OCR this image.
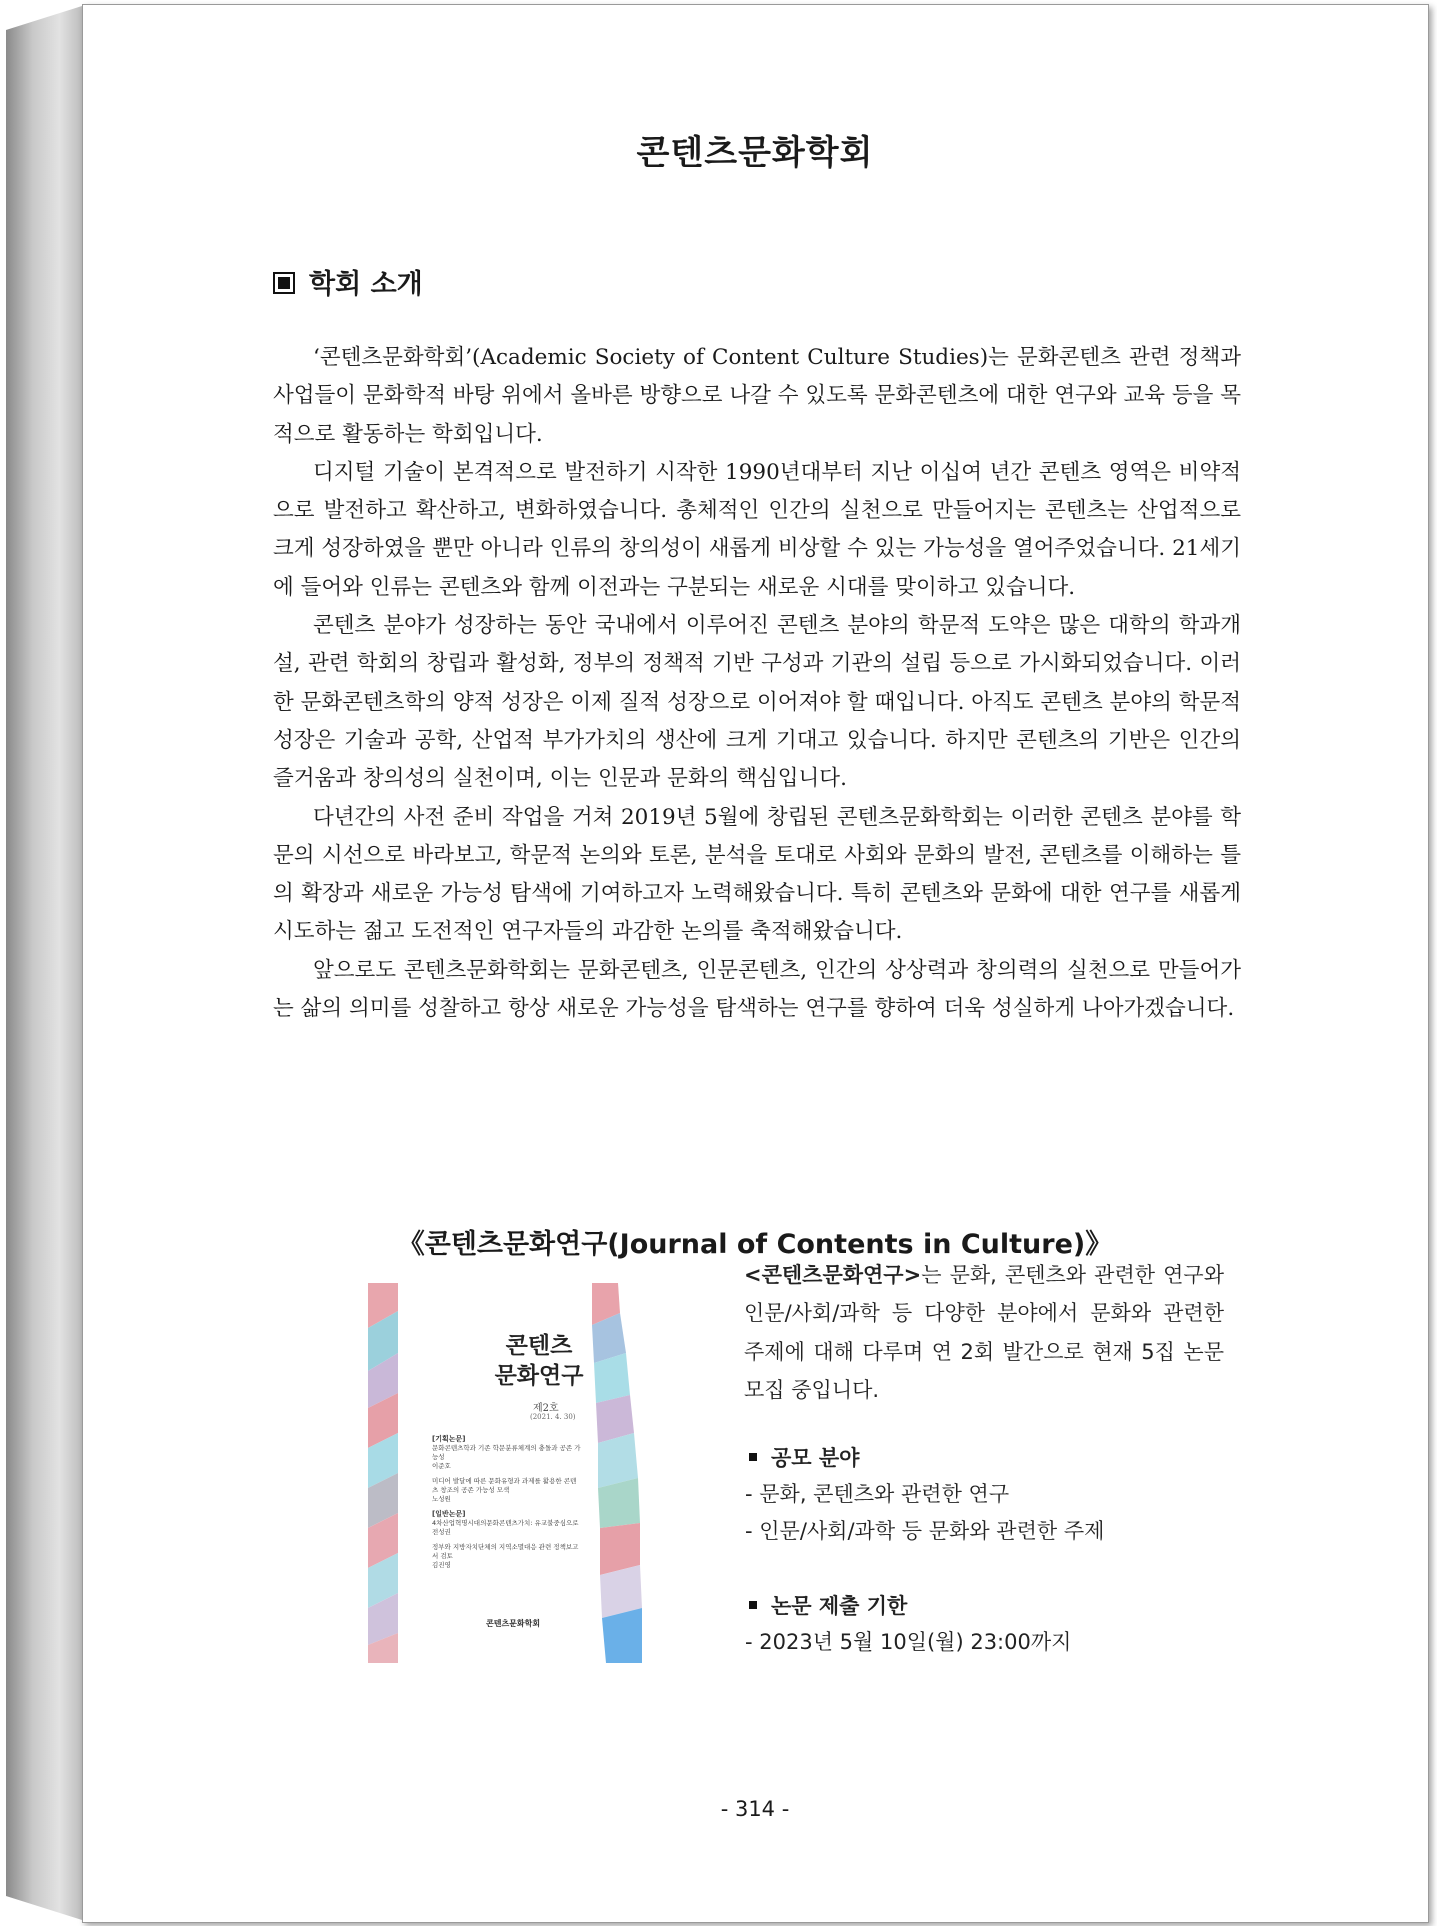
콘텐츠문화학회
학회 소개

‘콘텐츠문화학회’(Academic Society of Content Culture Studies)는 문화콘텐츠 관련 정책과 사업들이 문화학적 바탕 위에서 올바른 방향으로 나갈 수 있도록 문화콘텐츠에 대한 연구와 교육 등을 목적으로 활동하는 학회입니다.

디지털 기술이 본격적으로 발전하기 시작한 1990년대부터 지난 이십여 년간 콘텐츠 영역은 비약적으로 발전하고 확산하고, 변화하였습니다. 총체적인 인간의 실천으로 만들어지는 콘텐츠는 산업적으로 크게 성장하였을 뿐만 아니라 인류의 창의성이 새롭게 비상할 수 있는 가능성을 열어주었습니다. 21세기에 들어와 인류는 콘텐츠와 함께 이전과는 구분되는 새로운 시대를 맞이하고 있습니다.

콘텐츠 분야가 성장하는 동안 국내에서 이루어진 콘텐츠 분야의 학문적 도약은 많은 대학의 학과개설, 관련 학회의 창립과 활성화, 정부의 정책적 기반 구성과 기관의 설립 등으로 가시화되었습니다. 이러한 문화콘텐츠학의 양적 성장은 이제 질적 성장으로 이어져야 할 때입니다. 아직도 콘텐츠 분야의 학문적 성장은 기술과 공학, 산업적 부가가치의 생산에 크게 기대고 있습니다. 하지만 콘텐츠의 기반은 인간의 즐거움과 창의성의 실천이며, 이는 인문과 문화의 핵심입니다.

다년간의 사전 준비 작업을 거쳐 2019년 5월에 창립된 콘텐츠문화학회는 이러한 콘텐츠 분야를 학문의 시선으로 바라보고, 학문적 논의와 토론, 분석을 토대로 사회와 문화의 발전, 콘텐츠를 이해하는 틀의 확장과 새로운 가능성 탐색에 기여하고자 노력해왔습니다. 특히 콘텐츠와 문화에 대한 연구를 새롭게 시도하는 젊고 도전적인 연구자들의 과감한 논의를 축적해왔습니다.

앞으로도 콘텐츠문화학회는 문화콘텐츠, 인문콘텐츠, 인간의 상상력과 창의력의 실천으로 만들어가는 삶의 의미를 성찰하고 항상 새로운 가능성을 탐색하는 연구를 향하여 더욱 성실하게 나아가겠습니다.

《콘텐츠문화연구(Journal of Contents in Culture)》
콘텐츠
문화연구
제2호
(2021. 4. 30)
[기획논문]
문화콘텐츠학과 기존 학문분류체계의 충돌과 공존 가능성
이준호
미디어 발달에 따른 문화유형과 과제를 활용한 콘텐츠 창조의 공존 가능성 모색
노성원
[일반논문]
4차산업혁명시대의문화콘텐츠가치: 유교불중심으로
전성권
정부와 지방자치단체의 지역소멸대응 관련 정책보고서 검토
김진영
콘텐츠문화학회

<콘텐츠문화연구>는 문화, 콘텐츠와 관련한 연구와 인문/사회/과학 등 다양한 분야에서 문화와 관련한 주제에 대해 다루며 연 2회 발간으로 현재 5집 논문 모집 중입니다.

공모 분야
- 문화, 콘텐츠와 관련한 연구
- 인문/사회/과학 등 문화와 관련한 주제
논문 제출 기한
- 2023년 5월 10일(월) 23:00까지
- 314 -
